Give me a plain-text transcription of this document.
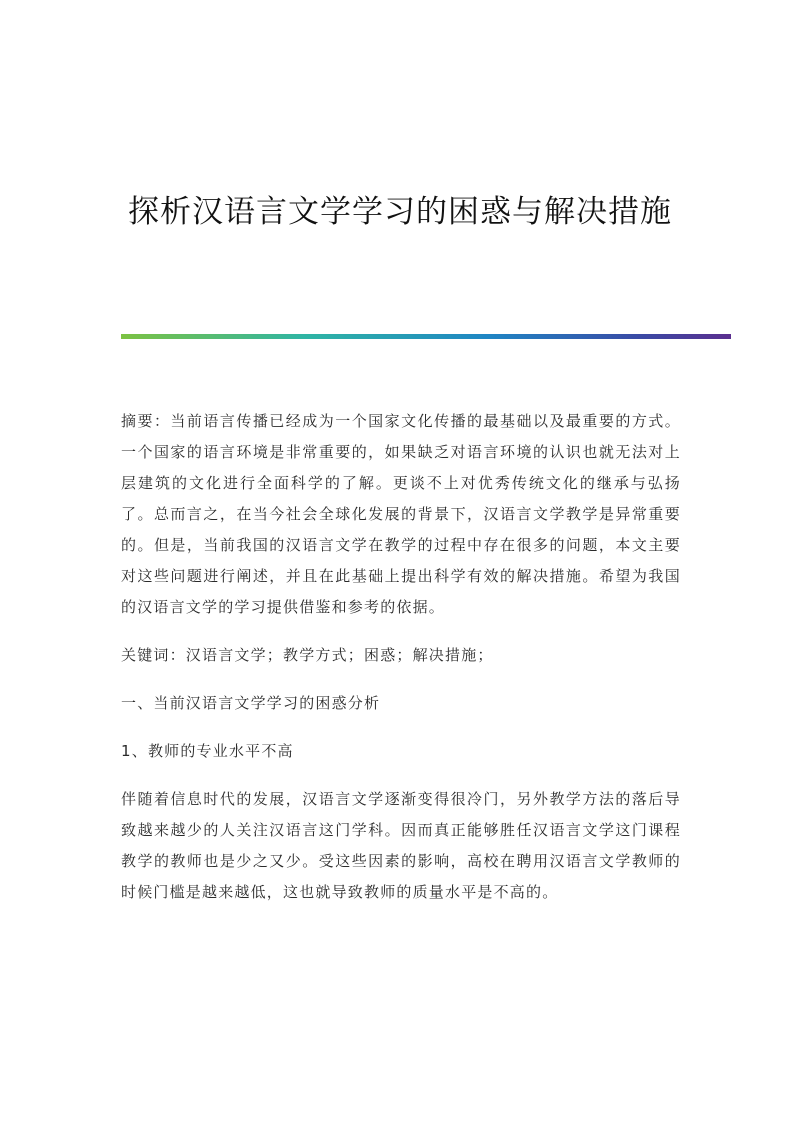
探析汉语言文学学习的困惑与解决措施

摘要：当前语言传播已经成为一个国家文化传播的最基础以及最重要的方式。一个国家的语言环境是非常重要的，如果缺乏对语言环境的认识也就无法对上层建筑的文化进行全面科学的了解。更谈不上对优秀传统文化的继承与弘扬了。总而言之，在当今社会全球化发展的背景下，汉语言文学教学是异常重要的。但是，当前我国的汉语言文学在教学的过程中存在很多的问题，本文主要对这些问题进行阐述，并且在此基础上提出科学有效的解决措施。希望为我国的汉语言文学的学习提供借鉴和参考的依据。

关键词：汉语言文学；教学方式；困惑；解决措施；

一、当前汉语言文学学习的困惑分析

1、教师的专业水平不高

伴随着信息时代的发展，汉语言文学逐渐变得很冷门，另外教学方法的落后导致越来越少的人关注汉语言这门学科。因而真正能够胜任汉语言文学这门课程教学的教师也是少之又少。受这些因素的影响，高校在聘用汉语言文学教师的时候门槛是越来越低，这也就导致教师的质量水平是不高的。
